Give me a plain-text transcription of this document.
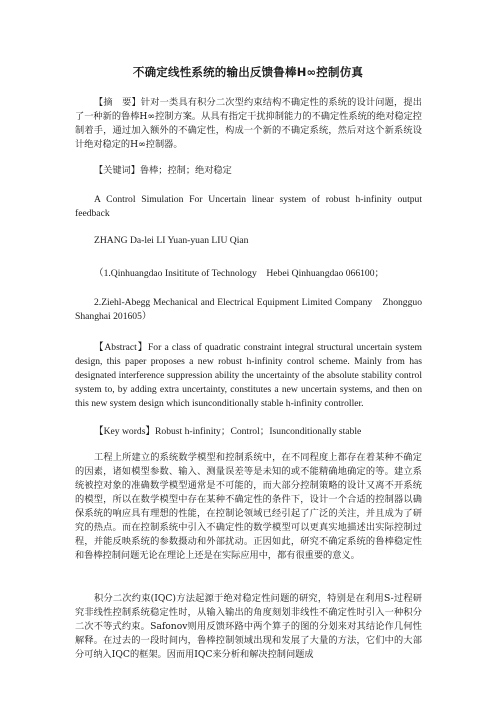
不确定线性系统的输出反馈鲁棒H∞控制仿真
【摘　要】针对一类具有积分二次型约束结构不确定性的系统的设计问题，提出了一种新的鲁棒H∞控制方案。从具有指定干扰抑制能力的不确定性系统的绝对稳定控制着手，通过加入额外的不确定性，构成一个新的不确定系统，然后对这个新系统设计绝对稳定的H∞控制器。
【关键词】鲁棒；控制；绝对稳定
A Control Simulation For Uncertain linear system of robust h-infinity output feedback
ZHANG Da-lei LI Yuan-yuan LIU Qian
（1.Qinhuangdao Insititute of Technology　Hebei Qinhuangdao 066100；
2.Ziehl-Abegg Mechanical and Electrical Equipment Limited Company　Zhongguo　Shanghai 201605）
【Abstract】For a class of quadratic constraint integral structural uncertain system design, this paper proposes a new robust h-infinity control scheme. Mainly from has designated interference suppression ability the uncertainty of the absolute stability control system to, by adding extra uncertainty, constitutes a new uncertain systems, and then on this new system design which isunconditionally stable h-infinity controller.
【Key words】Robust h-infinity；Control；Isunconditionally stable
工程上所建立的系统数学模型和控制系统中，在不同程度上都存在着某种不确定的因素，诸如模型参数、输入、测量误差等是未知的或不能精确地确定的等。建立系统被控对象的准确数学模型通常是不可能的，而大部分控制策略的设计又离不开系统的模型，所以在数学模型中存在某种不确定性的条件下，设计一个合适的控制器以确保系统的响应具有理想的性能，在控制论领域已经引起了广泛的关注，并且成为了研究的热点。而在控制系统中引入不确定性的数学模型可以更真实地描述出实际控制过程，并能反映系统的参数摄动和外部扰动。正因如此，研究不确定系统的鲁棒稳定性和鲁棒控制问题无论在理论上还是在实际应用中，都有很重要的意义。
积分二次约束(IQC)方法起源于绝对稳定性问题的研究，特别是在利用S-过程研究非线性控制系统稳定性时，从输入输出的角度刻划非线性不确定性时引入一种积分二次不等式约束。Safonov则用反馈环路中两个算子的图的分划来对其结论作几何性解释。在过去的一段时间内，鲁棒控制领域出现和发展了大量的方法，它们中的大部分可纳入IQC的框架。因而用IQC来分析和解决控制问题成
